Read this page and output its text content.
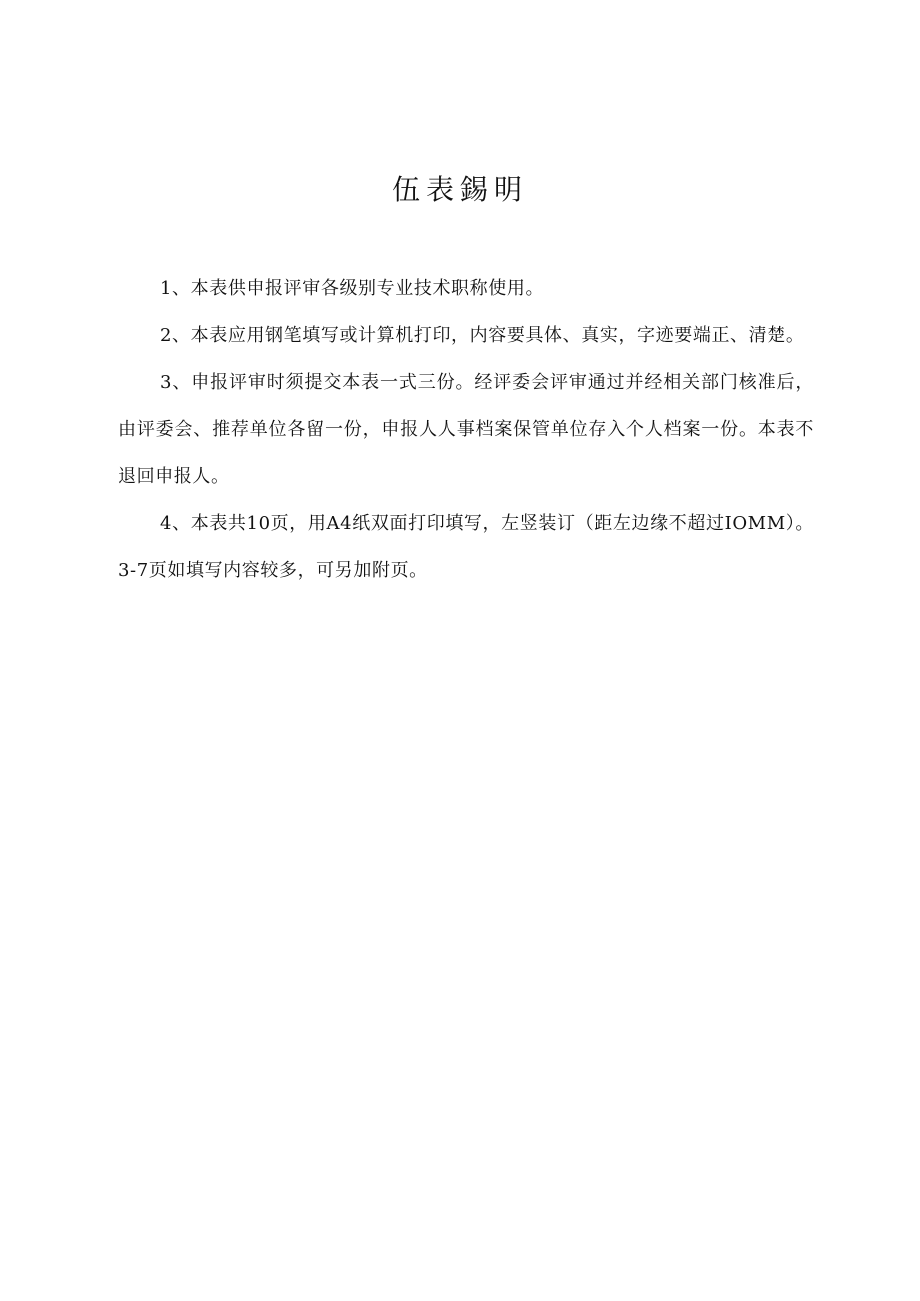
伍表錫明

1、本表供申报评审各级别专业技术职称使用。

2、本表应用钢笔填写或计算机打印，内容要具体、真实，字迹要端正、清楚。

3、申报评审时须提交本表一式三份。经评委会评审通过并经相关部门核准后，由评委会、推荐单位各留一份，申报人人事档案保管单位存入个人档案一份。本表不退回申报人。

4、本表共10页，用A4纸双面打印填写，左竖装订（距左边缘不超过IOMM）。3-7页如填写内容较多，可另加附页。
